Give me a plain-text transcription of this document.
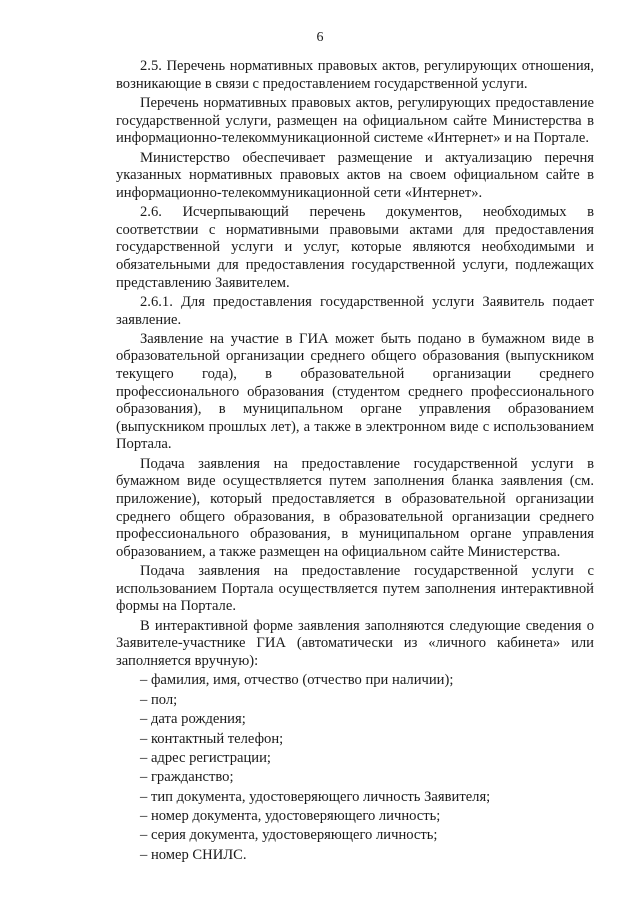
6

2.5. Перечень нормативных правовых актов, регулирующих отношения, возникающие в связи с предоставлением государственной услуги.

Перечень нормативных правовых актов, регулирующих предоставление государственной услуги, размещен на официальном сайте Министерства в информационно-телекоммуникационной системе «Интернет» и на Портале.

Министерство обеспечивает размещение и актуализацию перечня указанных нормативных правовых актов на своем официальном сайте в информационно-телекоммуникационной сети «Интернет».

2.6. Исчерпывающий перечень документов, необходимых в соответствии с нормативными правовыми актами для предоставления государственной услуги и услуг, которые являются необходимыми и обязательными для предоставления государственной услуги, подлежащих представлению Заявителем.

2.6.1. Для предоставления государственной услуги Заявитель подает заявление.

Заявление на участие в ГИА может быть подано в бумажном виде в образовательной организации среднего общего образования (выпускником текущего года), в образовательной организации среднего профессионального образования (студентом среднего профессионального образования), в муниципальном органе управления образованием (выпускником прошлых лет), а также в электронном виде с использованием Портала.

Подача заявления на предоставление государственной услуги в бумажном виде осуществляется путем заполнения бланка заявления (см. приложение), который предоставляется в образовательной организации среднего общего образования, в образовательной организации среднего профессионального образования, в муниципальном органе управления образованием, а также размещен на официальном сайте Министерства.

Подача заявления на предоставление государственной услуги с использованием Портала осуществляется путем заполнения интерактивной формы на Портале.

В интерактивной форме заявления заполняются следующие сведения о Заявителе-участнике ГИА (автоматически из «личного кабинета» или заполняется вручную):

– фамилия, имя, отчество (отчество при наличии);
– пол;
– дата рождения;
– контактный телефон;
– адрес регистрации;
– гражданство;
– тип документа, удостоверяющего личность Заявителя;
– номер документа, удостоверяющего личность;
– серия документа, удостоверяющего личность;
– номер СНИЛС.
